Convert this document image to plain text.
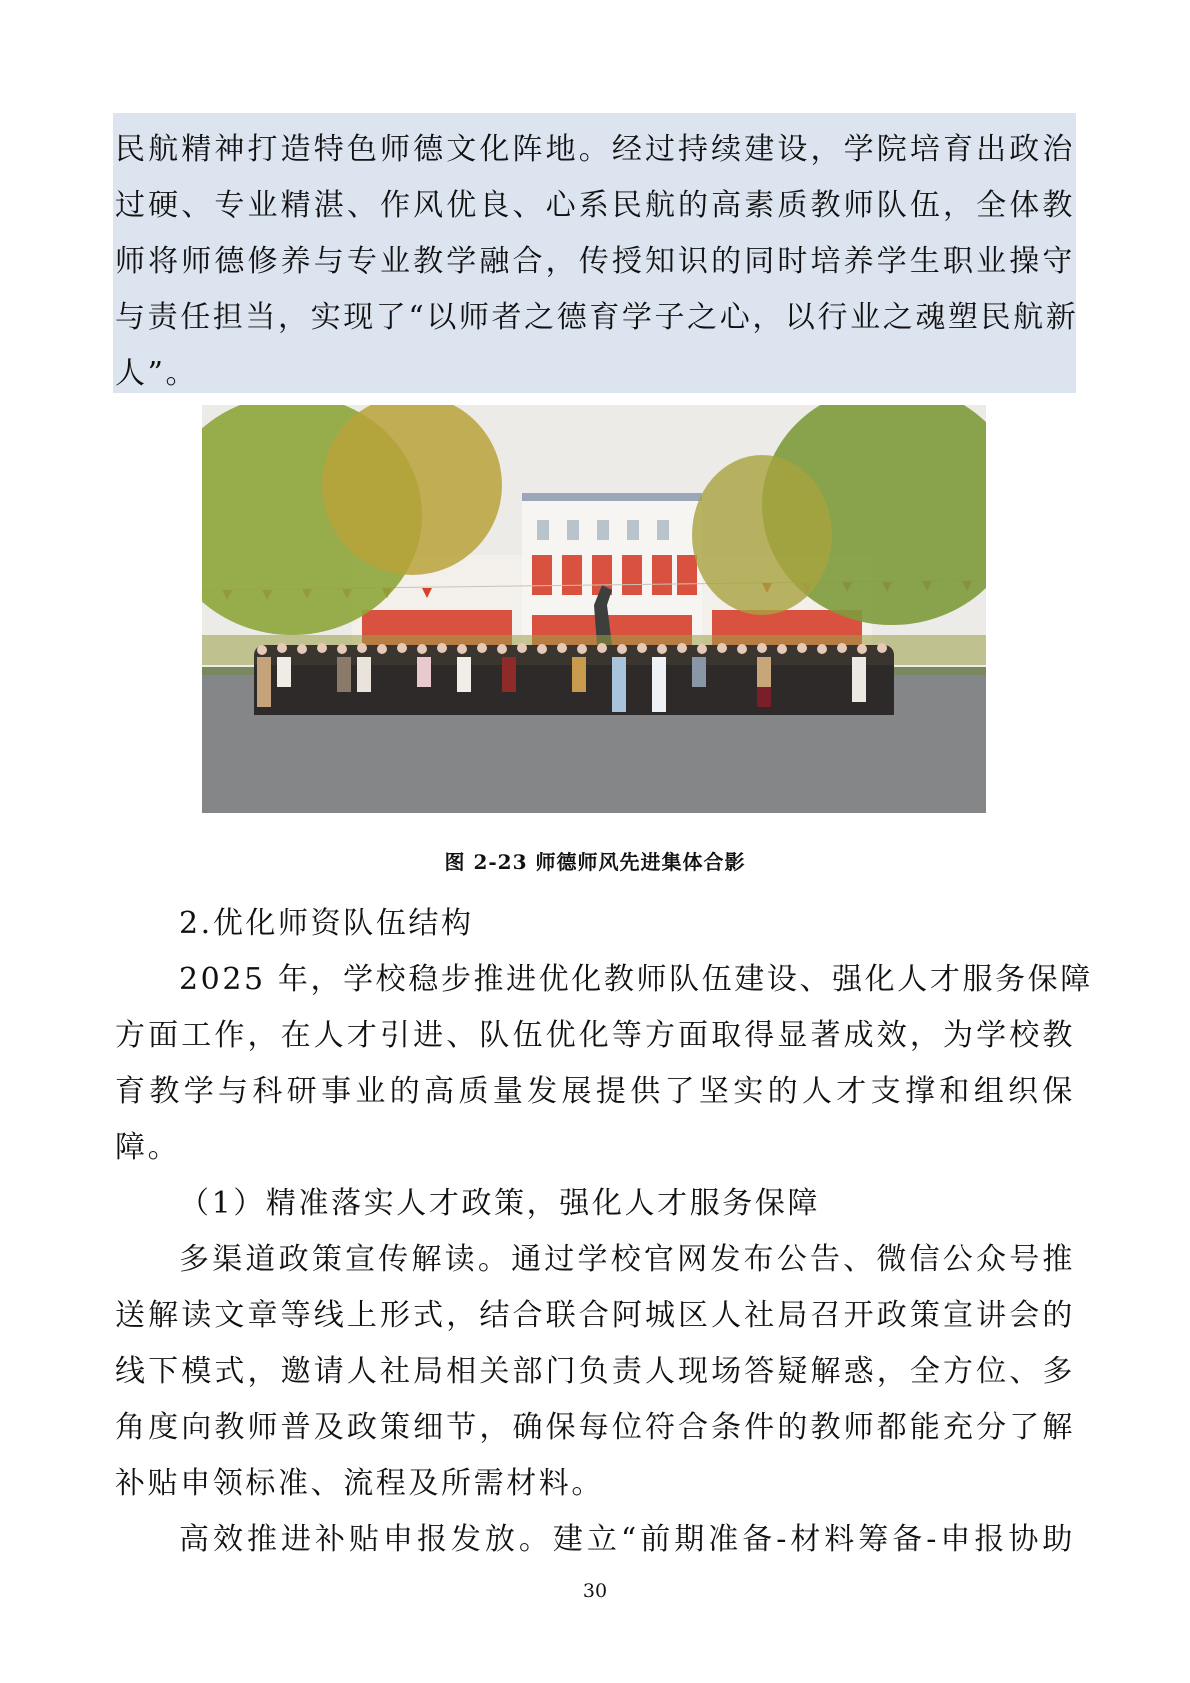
民航精神打造特色师德文化阵地。经过持续建设，学院培育出政治
过硬、专业精湛、作风优良、心系民航的高素质教师队伍，全体教
师将师德修养与专业教学融合，传授知识的同时培养学生职业操守
与责任担当，实现了“以师者之德育学子之心，以行业之魂塑民航新
人”。
图 2-23 师德师风先进集体合影
2.优化师资队伍结构
2025 年，学校稳步推进优化教师队伍建设、强化人才服务保障
方面工作，在人才引进、队伍优化等方面取得显著成效，为学校教
育教学与科研事业的高质量发展提供了坚实的人才支撑和组织保
障。
（1）精准落实人才政策，强化人才服务保障
多渠道政策宣传解读。通过学校官网发布公告、微信公众号推
送解读文章等线上形式，结合联合阿城区人社局召开政策宣讲会的
线下模式，邀请人社局相关部门负责人现场答疑解惑，全方位、多
角度向教师普及政策细节，确保每位符合条件的教师都能充分了解
补贴申领标准、流程及所需材料。
高效推进补贴申报发放。建立“前期准备-材料筹备-申报协助
30
